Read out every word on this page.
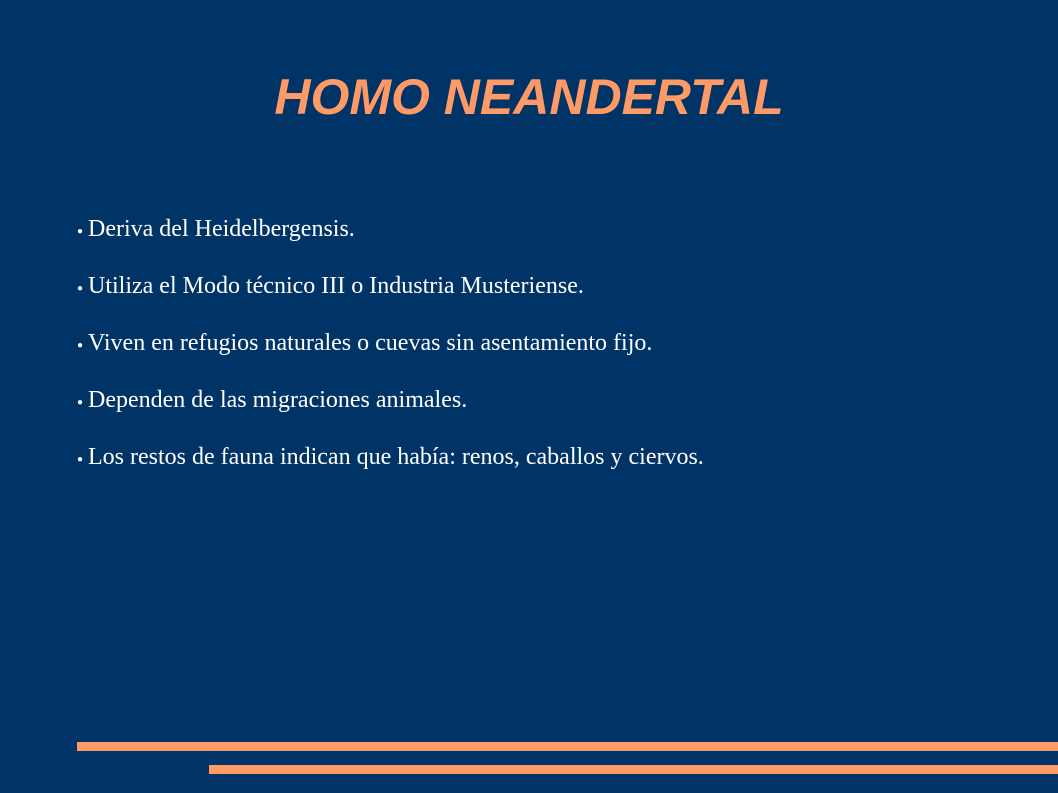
HOMO NEANDERTAL
● Deriva del Heidelbergensis.
● Utiliza el Modo técnico III o Industria Musteriense.
● Viven en refugios naturales o cuevas sin asentamiento fijo.
● Dependen de las migraciones animales.
● Los restos de fauna indican que había: renos, caballos y ciervos.
